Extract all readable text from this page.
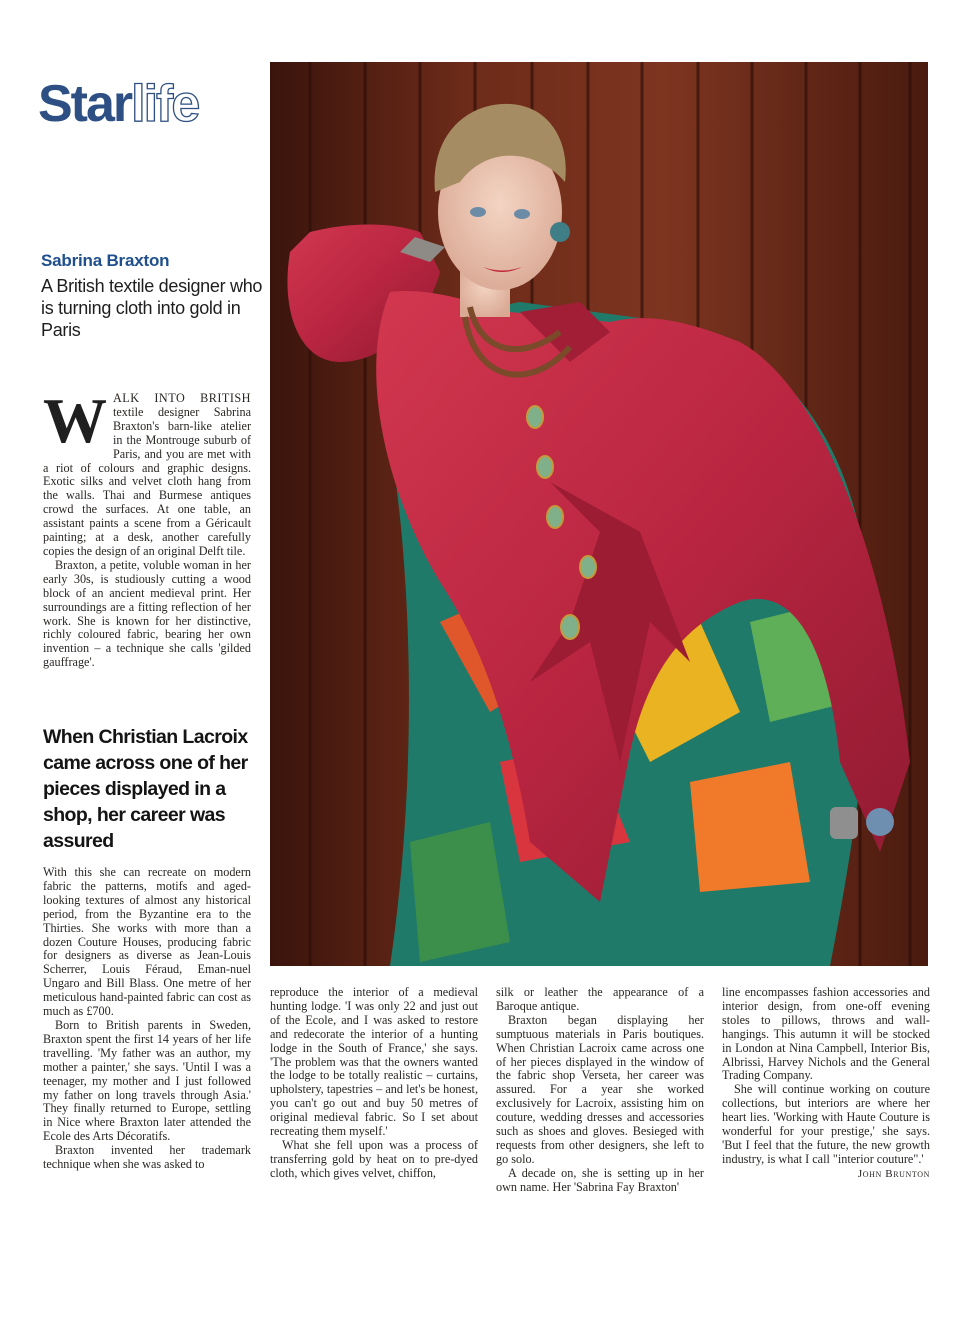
Starlife
Sabrina Braxton
A British textile designer who is turning cloth into gold in Paris

WALK INTO BRITISH textile designer Sabrina Braxton's barn-like atelier in the Montrouge suburb of Paris, and you are met with a riot of colours and graphic designs. Exotic silks and velvet cloth hang from the walls. Thai and Burmese antiques crowd the surfaces. At one table, an assistant paints a scene from a Géricault painting; at a desk, another carefully copies the design of an original Delft tile.

Braxton, a petite, voluble woman in her early 30s, is studiously cutting a wood block of an ancient medieval print. Her surroundings are a fitting reflection of her work. She is known for her distinctive, richly coloured fabric, bearing her own invention – a technique she calls 'gilded gauffrage'.

When Christian Lacroix came across one of her pieces displayed in a shop, her career was assured

With this she can recreate on modern fabric the patterns, motifs and aged-looking textures of almost any historical period, from the Byzantine era to the Thirties. She works with more than a dozen Couture Houses, producing fabric for designers as diverse as Jean-Louis Scherrer, Louis Féraud, Eman-nuel Ungaro and Bill Blass. One metre of her meticulous hand-painted fabric can cost as much as £700.

Born to British parents in Sweden, Braxton spent the first 14 years of her life travelling. 'My father was an author, my mother a painter,' she says. 'Until I was a teenager, my mother and I just followed my father on long travels through Asia.' They finally returned to Europe, settling in Nice where Braxton later attended the Ecole des Arts Décoratifs.

Braxton invented her trademark technique when she was asked to

reproduce the interior of a medieval hunting lodge. 'I was only 22 and just out of the Ecole, and I was asked to restore and redecorate the interior of a hunting lodge in the South of France,' she says. 'The problem was that the owners wanted the lodge to be totally realistic – curtains, upholstery, tapestries – and let's be honest, you can't go out and buy 50 metres of original medieval fabric. So I set about recreating them myself.'

What she fell upon was a process of transferring gold by heat on to pre-dyed cloth, which gives velvet, chiffon,

silk or leather the appearance of a Baroque antique.

Braxton began displaying her sumptuous materials in Paris boutiques. When Christian Lacroix came across one of her pieces displayed in the window of the fabric shop Verseta, her career was assured. For a year she worked exclusively for Lacroix, assisting him on couture, wedding dresses and accessories such as shoes and gloves. Besieged with requests from other designers, she left to go solo.

A decade on, she is setting up in her own name. Her 'Sabrina Fay Braxton'

line encompasses fashion accessories and interior design, from one-off evening stoles to pillows, throws and wall-hangings. This autumn it will be stocked in London at Nina Campbell, Interior Bis, Albrissi, Harvey Nichols and the General Trading Company.

She will continue working on couture collections, but interiors are where her heart lies. 'Working with Haute Couture is wonderful for your prestige,' she says. 'But I feel that the future, the new growth industry, is what I call "interior couture".'

John Brunton
